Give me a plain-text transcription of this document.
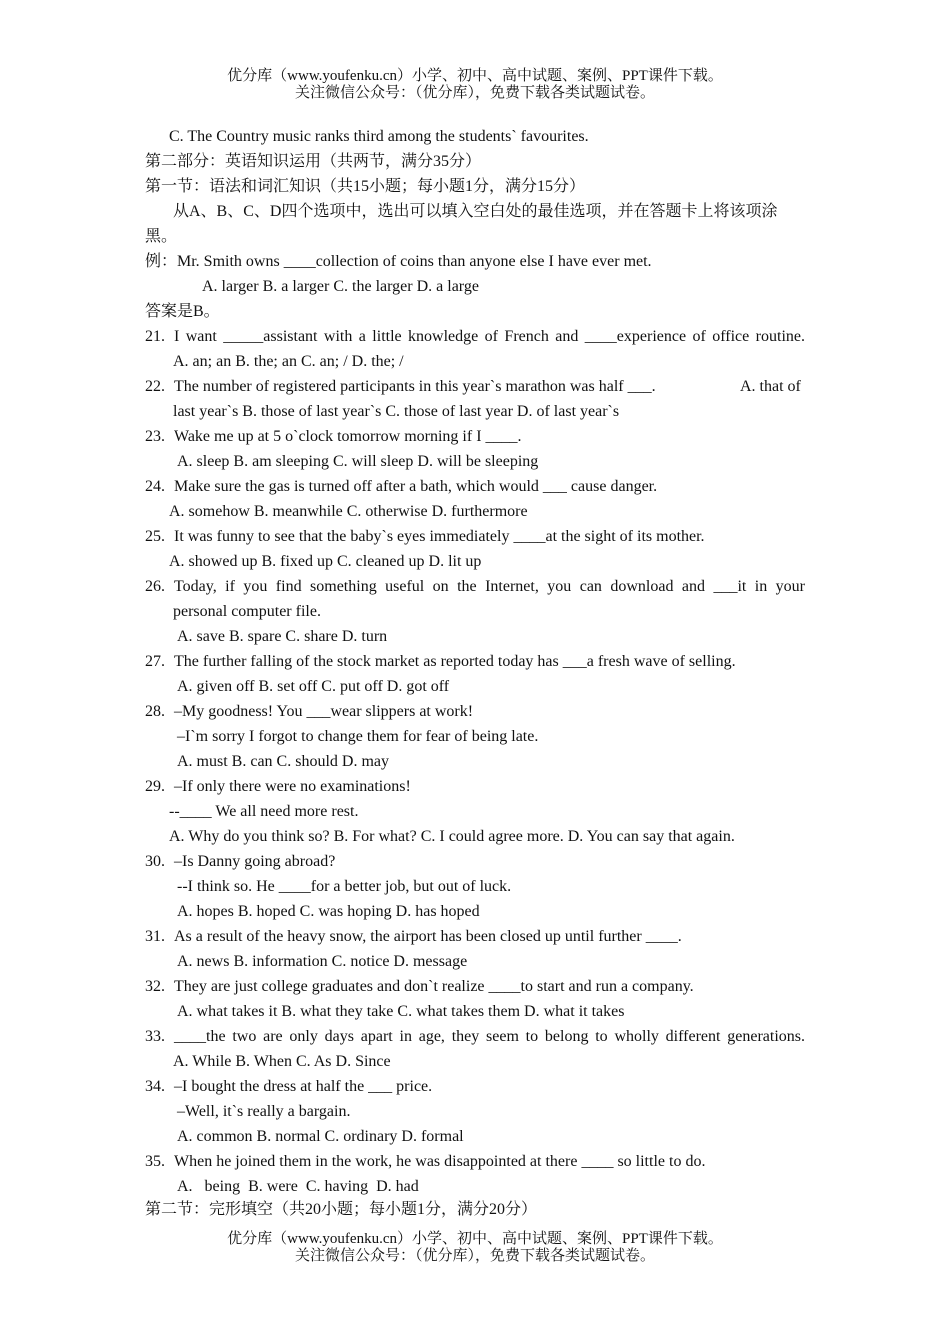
优分库（www.youfenku.cn）小学、初中、高中试题、案例、PPT课件下载。
关注微信公众号：（优分库），免费下载各类试题试卷。
C. The Country music ranks third among the students` favourites.
第二部分：英语知识运用（共两节，满分35分）
第一节：语法和词汇知识（共15小题；每小题1分，满分15分）
从A、B、C、D四个选项中，选出可以填入空白处的最佳选项，并在答题卡上将该项涂
黑。
例：Mr. Smith owns ____collection of coins than anyone else I have ever met.
A. larger B. a larger C. the larger D. a large
答案是B。
21. I want _____assistant with a little knowledge of French and ____experience of office routine.
A. an; an B. the; an C. an; / D. the; /
22. The number of registered participants in this year`s marathon was half ___.	A. that of
last year`s B. those of last year`s C. those of last year D. of last year`s
23. Wake me up at 5 o`clock tomorrow morning if I ____.
A. sleep B. am sleeping C. will sleep D. will be sleeping
24. Make sure the gas is turned off after a bath, which would ___ cause danger.
A. somehow B. meanwhile C. otherwise D. furthermore
25. It was funny to see that the baby`s eyes immediately ____at the sight of its mother.
A. showed up B. fixed up C. cleaned up D. lit up
26. Today, if you find something useful on the Internet, you can download and ___it in your
personal computer file.
A. save B. spare C. share D. turn
27. The further falling of the stock market as reported today has ___a fresh wave of selling.
A. given off B. set off C. put off D. got off
28. –My goodness! You ___wear slippers at work!
–I`m sorry I forgot to change them for fear of being late.
A. must B. can C. should D. may
29. –If only there were no examinations!
--____ We all need more rest.
A. Why do you think so? B. For what? C. I could agree more. D. You can say that again.
30. –Is Danny going abroad?
--I think so. He ____for a better job, but out of luck.
A. hopes B. hoped C. was hoping D. has hoped
31. As a result of the heavy snow, the airport has been closed up until further ____.
A. news B. information C. notice D. message
32. They are just college graduates and don`t realize ____to start and run a company.
A. what takes it B. what they take C. what takes them D. what it takes
33. ____the two are only days apart in age, they seem to belong to wholly different generations.
A. While B. When C. As D. Since
34. –I bought the dress at half the ___ price.
–Well, it`s really a bargain.
A. common B. normal C. ordinary D. formal
35. When he joined them in the work, he was disappointed at there ____ so little to do.
A.   being  B. were  C. having  D. had
第二节：完形填空（共20小题；每小题1分，满分20分）
优分库（www.youfenku.cn）小学、初中、高中试题、案例、PPT课件下载。
关注微信公众号：（优分库），免费下载各类试题试卷。
